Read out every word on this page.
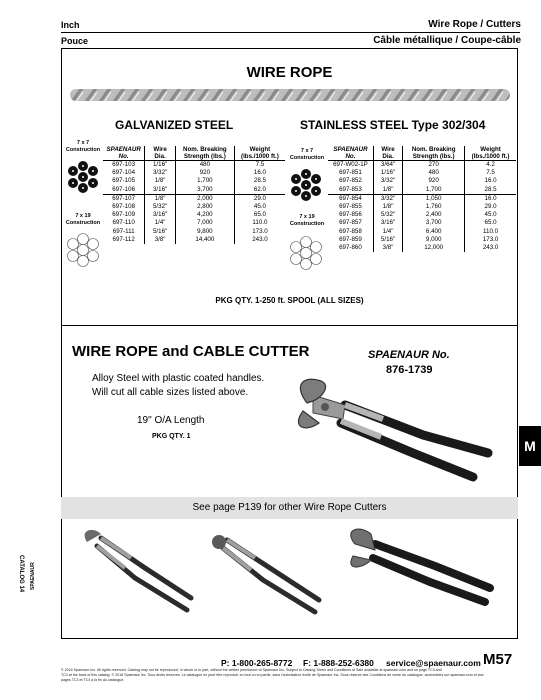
Inch	Wire Rope / Cutters
Pouce	Câble métallique / Coupe-câble
WIRE ROPE
GALVANIZED STEEL	STAINLESS STEEL Type 302/304
7 x 7 Construction
7 x 19 Construction
SPAENAUR No.	Wire Dia.	Nom. Breaking Strength (lbs.)	Weight (lbs./1000 ft.)
697-103	1/16"	480	7.5
697-104	3/32"	920	16.0
697-105	1/8"	1,700	28.5
697-106	3/16"	3,700	62.0
697-107	1/8"	2,000	29.0
697-108	5/32"	2,800	45.0
697-109	3/16"	4,200	65.0
697-110	1/4"	7,000	110.0
697-111	5/16"	9,800	173.0
697-112	3/8"	14,400	243.0
7 x 7 Construction
7 x 19 Construction
SPAENAUR No.	Wire Dia.	Nom. Breaking Strength (lbs.)	Weight (lbs./1000 ft.)
697-W02-1P	3/64"	270	4.2
697-851	1/16"	480	7.5
697-852	3/32"	920	16.0
697-853	1/8"	1,700	28.5
697-854	3/32"	1,050	16.0
697-855	1/8"	1,760	29.0
697-856	5/32"	2,400	45.0
697-857	3/16"	3,700	65.0
697-858	1/4"	6,400	110.0
697-859	5/16"	9,000	173.0
697-860	3/8"	12,000	243.0
PKG QTY. 1-250 ft. SPOOL (ALL SIZES)
WIRE ROPE and CABLE CUTTER	SPAENAUR No.
876-1739
Alloy Steel with plastic coated handles.
Will cut all cable sizes listed above.
19" O/A Length
PKG QTY. 1
M
See page P139 for other Wire Rope Cutters
CATALOG 14 SPAENAUR
P: 1-800-265-8772 F: 1-888-252-6380 service@spaenaur.com M57
© 2018 Spaenaur Inc. All rights reserved. Catalog may not be reproduced, in whole or in part, without the written permission of Spaenaur Inc. Subject to Catalog Terms and Conditions of Sale available at spaenaur.com and on page TC3 and
TC4 at the back of this catalog. © 2018 Spaenaur Inc. Tous droits réservés. Le catalogue ne peut être reproduit, en tout ou en partie, sans l'autorisation écrite de Spaenaur Inc. Sous réserve des Conditions de vente du catalogue, accessibles sur spaenaur.com et aux
pages TC3 et TC4 à la fin du catalogue.
